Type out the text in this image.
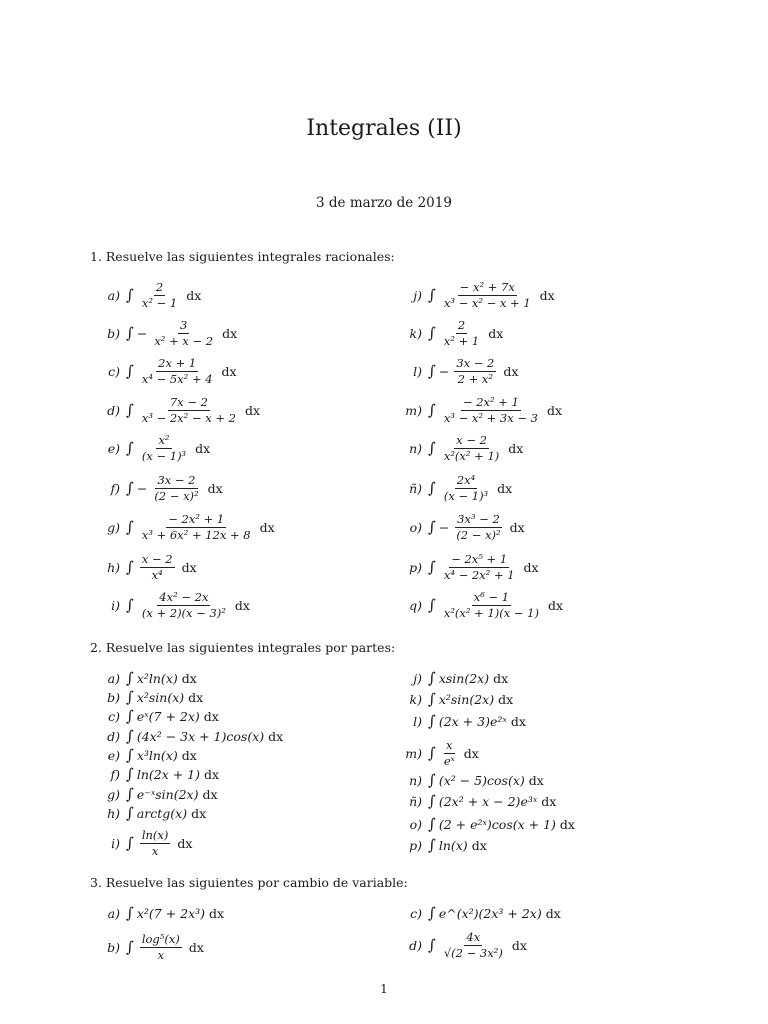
Integrales (II)
3 de marzo de 2019
1. Resuelve las siguientes integrales racionales:
2. Resuelve las siguientes integrales por partes:
3. Resuelve las siguientes por cambio de variable:
a) ∫ $\frac{2}{\text{x² − 1}}$ dx
b) ∫ − $\frac{3}{\text{x² + x − 2}}$ dx
c) ∫ $\frac{2x + 1}{\text{x⁴ − 5x² + 4}}$ dx
d) ∫ $\frac{7x - 2}{\text{x³ − 2x² − x + 2}}$ dx
e) ∫ $\frac{\text{x²}}{\text{(x − 1)³}}$ dx
f) ∫ − $\frac{3x - 2}{\text{(2 − x)²}}$ dx
g) ∫ $\frac{\text{− 2x² + 1}}{\text{x³ + 6x² + 12x + 8}}$ dx
h) ∫ $\frac{x - 2}{\text{x⁴}}$ dx
i) ∫ $\frac{\text{4x² − 2x}}{\text{(x + 2)(x − 3)²}}$ dx
j) ∫ $\frac{\text{− x² + 7x}}{\text{x³ − x² − x + 1}}$ dx
k) ∫ $\frac{2}{\text{x² + 1}}$ dx
l) ∫ − $\frac{3x - 2}{\text{2 + x²}}$ dx
m) ∫ $\frac{\text{− 2x² + 1}}{\text{x³ − x² + 3x − 3}}$ dx
n) ∫ $\frac{x - 2}{\text{x²(x² + 1)}}$ dx
ñ) ∫ $\frac{\text{2x⁴}}{\text{(x − 1)³}}$ dx
o) ∫ − $\frac{\text{3x³ − 2}}{\text{(2 − x)²}}$ dx
p) ∫ $\frac{\text{− 2x⁵ + 1}}{\text{x⁴ − 2x² + 1}}$ dx
q) ∫ $\frac{\text{x⁶ − 1}}{\text{x²(x² + 1)(x − 1)}}$ dx
a) ∫ x²ln(x) dx
b) ∫ x²sin(x) dx
c) ∫ eˣ(7 + 2x) dx
d) ∫ (4x² − 3x + 1)cos(x) dx
e) ∫ x³ln(x) dx
f) ∫ ln(2x + 1) dx
g) ∫ e⁻ˣsin(2x) dx
h) ∫ arctg(x) dx
i) ∫ $\frac{\ln(x)}{x}$ dx
j) ∫ xsin(2x) dx
k) ∫ x²sin(2x) dx
l) ∫ (2x + 3)e²ˣ dx
m) ∫ $\frac{x}{\text{eˣ}}$ dx
n) ∫ (x² − 5)cos(x) dx
ñ) ∫ (2x² + x − 2)e³ˣ dx
o) ∫ (2 + e²ˣ)cos(x + 1) dx
p) ∫ ln(x) dx
a) ∫ x²(7 + 2x³) dx
b) ∫ $\frac{\text{log⁵(x)}}{x}$ dx
c) ∫ e^(x²)(2x³ + 2x) dx
d) ∫ $\frac{4x}{\text{√(2 − 3x²)}}$ dx
1
